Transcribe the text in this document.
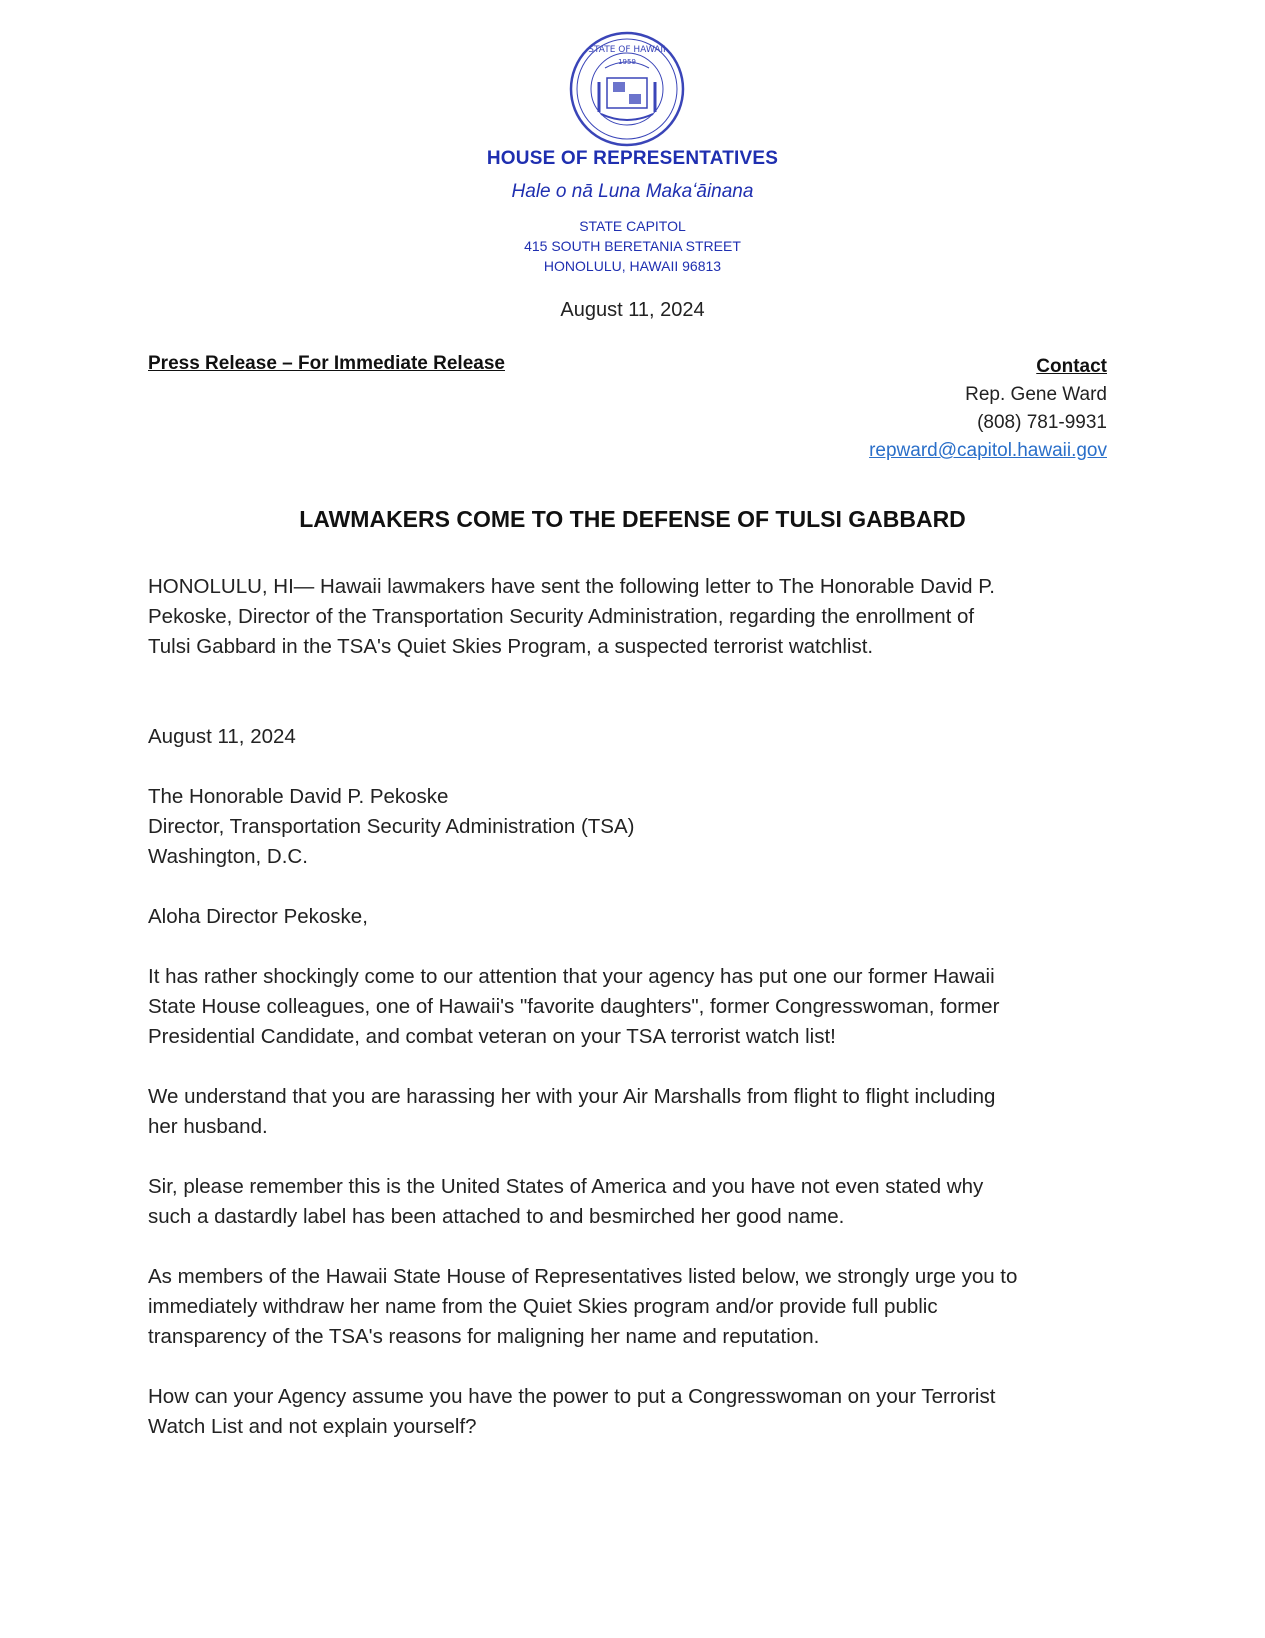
STATE OF HAWAII
1959
HOUSE OF REPRESENTATIVES
Hale o nā Luna Makaʻāinana
STATE CAPITOL
415 SOUTH BERETANIA STREET
HONOLULU, HAWAII 96813
August 11, 2024
Press Release – For Immediate Release	Contact
Rep. Gene Ward
(808) 781-9931
repward@capitol.hawaii.gov
LAWMAKERS COME TO THE DEFENSE OF TULSI GABBARD
HONOLULU, HI— Hawaii lawmakers have sent the following letter to The Honorable David P.
Pekoske, Director of the Transportation Security Administration, regarding the enrollment of
Tulsi Gabbard in the TSA's Quiet Skies Program, a suspected terrorist watchlist.
August 11, 2024
The Honorable David P. Pekoske
Director, Transportation Security Administration (TSA)
Washington, D.C.
Aloha Director Pekoske,
It has rather shockingly come to our attention that your agency has put one our former Hawaii
State House colleagues, one of Hawaii's "favorite daughters", former Congresswoman, former
Presidential Candidate, and combat veteran on your TSA terrorist watch list!
We understand that you are harassing her with your Air Marshalls from flight to flight including
her husband.
Sir, please remember this is the United States of America and you have not even stated why
such a dastardly label has been attached to and besmirched her good name.
As members of the Hawaii State House of Representatives listed below, we strongly urge you to
immediately withdraw her name from the Quiet Skies program and/or provide full public
transparency of the TSA's reasons for maligning her name and reputation.
How can your Agency assume you have the power to put a Congresswoman on your Terrorist
Watch List and not explain yourself?
